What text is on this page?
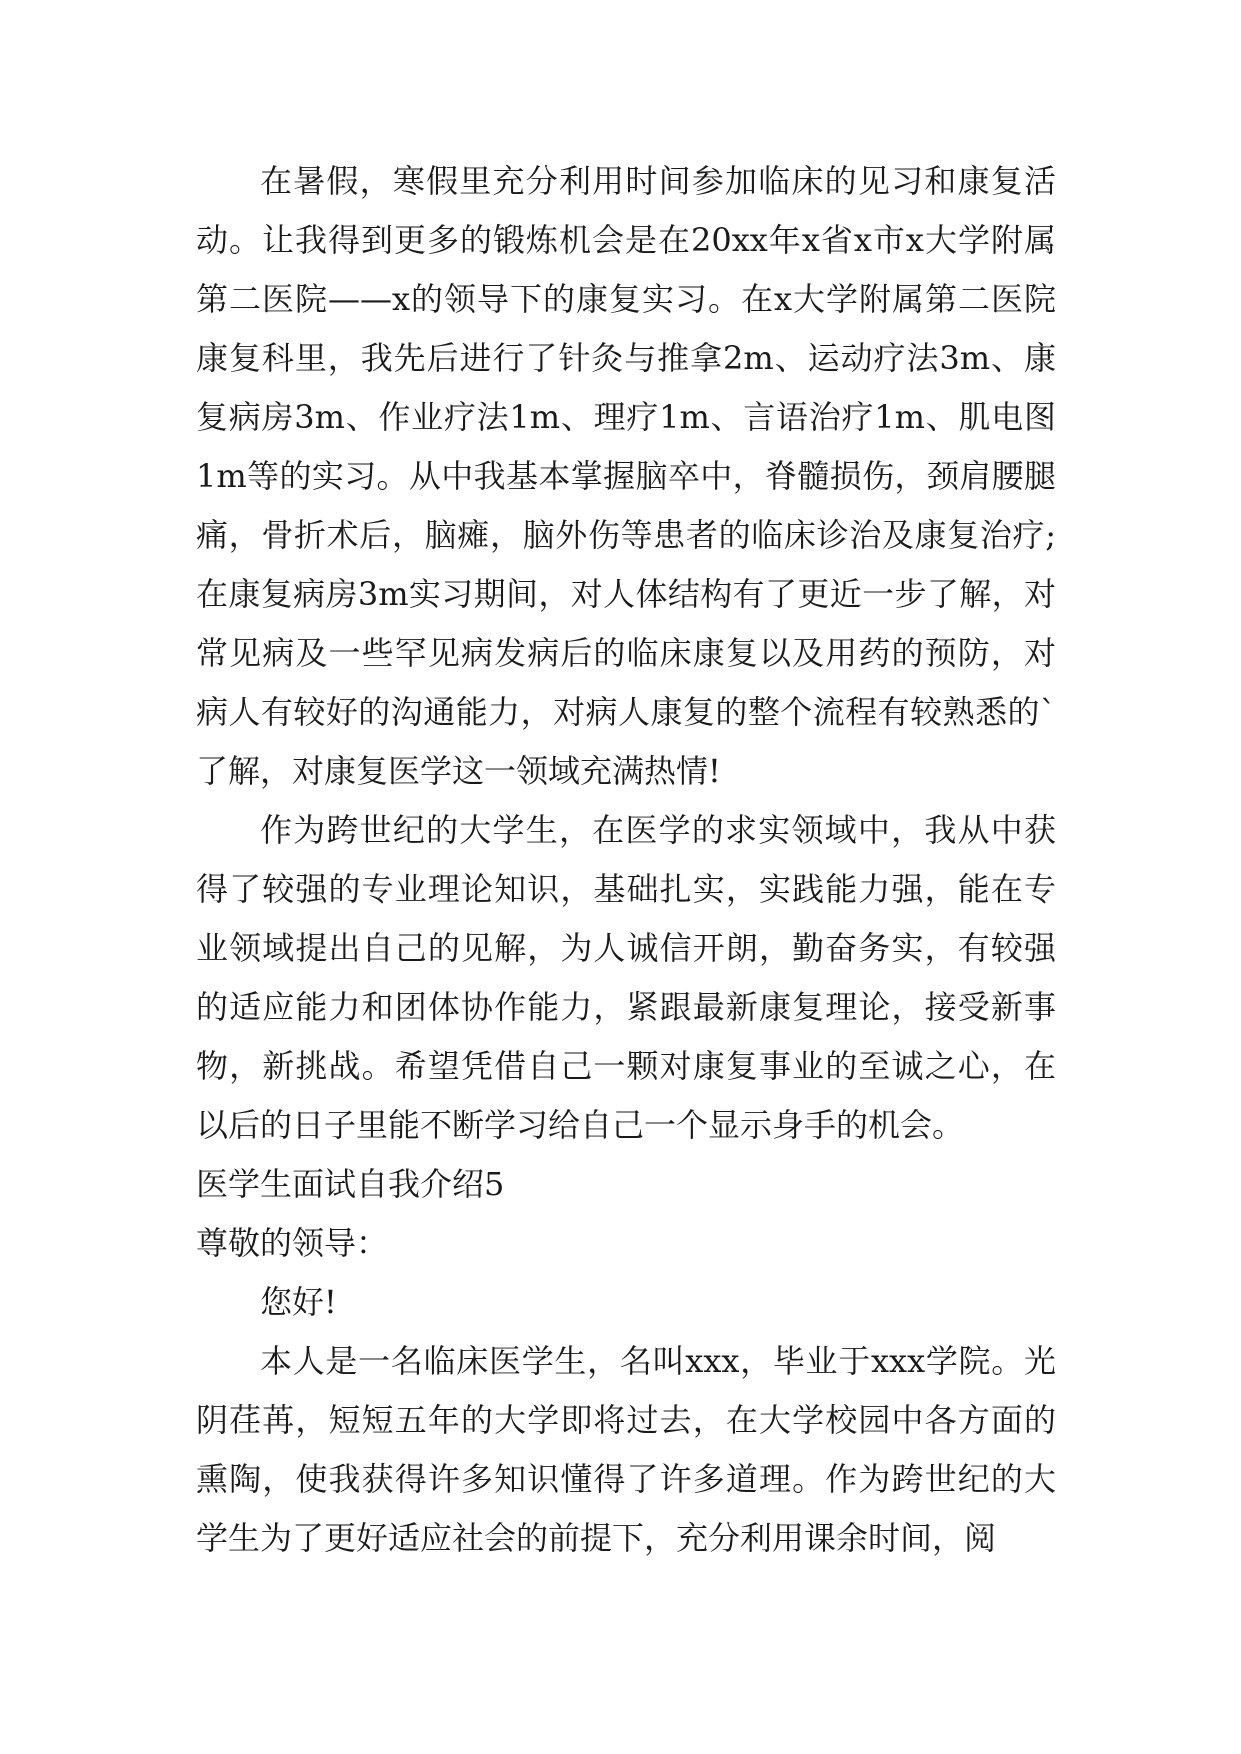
在暑假，寒假里充分利用时间参加临床的见习和康复活动。让我得到更多的锻炼机会是在20xx年x省x市x大学附属第二医院——x的领导下的康复实习。在x大学附属第二医院康复科里，我先后进行了针灸与推拿2m、运动疗法3m、康复病房3m、作业疗法1m、理疗1m、言语治疗1m、肌电图1m等的实习。从中我基本掌握脑卒中，脊髓损伤，颈肩腰腿痛，骨折术后，脑瘫，脑外伤等患者的临床诊治及康复治疗;在康复病房3m实习期间，对人体结构有了更近一步了解，对常见病及一些罕见病发病后的临床康复以及用药的预防，对病人有较好的沟通能力，对病人康复的整个流程有较熟悉的`了解，对康复医学这一领域充满热情!

作为跨世纪的大学生，在医学的求实领域中，我从中获得了较强的专业理论知识，基础扎实，实践能力强，能在专业领域提出自己的见解，为人诚信开朗，勤奋务实，有较强的适应能力和团体协作能力，紧跟最新康复理论，接受新事物，新挑战。希望凭借自己一颗对康复事业的至诚之心，在以后的日子里能不断学习给自己一个显示身手的机会。

医学生面试自我介绍5

尊敬的领导：

您好!

本人是一名临床医学生，名叫xxx，毕业于xxx学院。光阴荏苒，短短五年的大学即将过去，在大学校园中各方面的熏陶，使我获得许多知识懂得了许多道理。作为跨世纪的大学生为了更好适应社会的前提下，充分利用课余时间，阅
